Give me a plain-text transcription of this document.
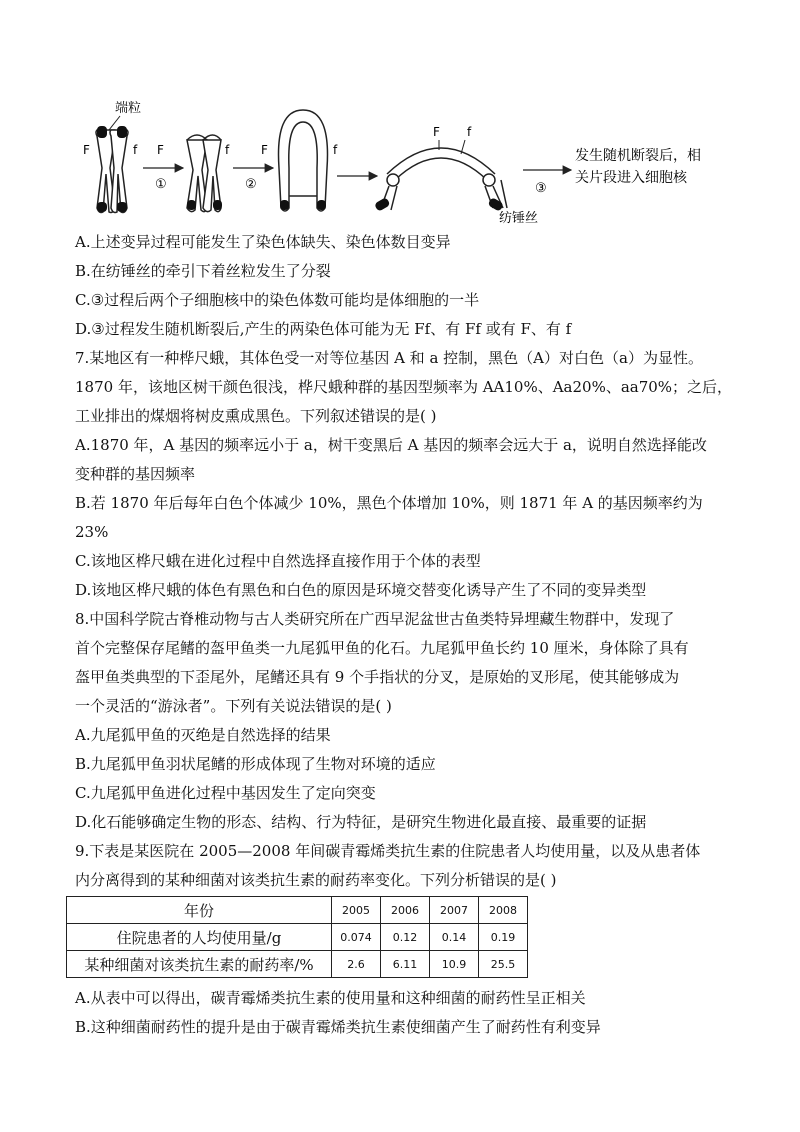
端粒
F	f
①
F	f
②
F	f
F f
纺锤丝
③
发生随机断裂后，相
关片段进入细胞核
A.上述变异过程可能发生了染色体缺失、染色体数目变异
B.在纺锤丝的牵引下着丝粒发生了分裂
C.③过程后两个子细胞核中的染色体数可能均是体细胞的一半
D.③过程发生随机断裂后,产生的两染色体可能为无 Ff、有 Ff 或有 F、有 f
7.某地区有一种桦尺蛾，其体色受一对等位基因 A 和 a 控制，黑色（A）对白色（a）为显性。
1870 年，该地区树干颜色很浅，桦尺蛾种群的基因型频率为 AA10%、Aa20%、aa70%；之后，
工业排出的煤烟将树皮熏成黑色。下列叙述错误的是( )
A.1870 年，A 基因的频率远小于 a，树干变黑后 A 基因的频率会远大于 a，说明自然选择能改
变种群的基因频率
B.若 1870 年后每年白色个体减少 10%，黑色个体增加 10%，则 1871 年 A 的基因频率约为
23%
C.该地区桦尺蛾在进化过程中自然选择直接作用于个体的表型
D.该地区桦尺蛾的体色有黑色和白色的原因是环境交替变化诱导产生了不同的变异类型
8.中国科学院古脊椎动物与古人类研究所在广西早泥盆世古鱼类特异埋藏生物群中，发现了
首个完整保存尾鳍的盔甲鱼类一九尾狐甲鱼的化石。九尾狐甲鱼长约 10 厘米，身体除了具有
盔甲鱼类典型的下歪尾外，尾鳍还具有 9 个手指状的分叉，是原始的叉形尾，使其能够成为
一个灵活的“游泳者”。下列有关说法错误的是( )
A.九尾狐甲鱼的灭绝是自然选择的结果
B.九尾狐甲鱼羽状尾鳍的形成体现了生物对环境的适应
C.九尾狐甲鱼进化过程中基因发生了定向突变
D.化石能够确定生物的形态、结构、行为特征，是研究生物进化最直接、最重要的证据
9.下表是某医院在 2005—2008 年间碳青霉烯类抗生素的住院患者人均使用量，以及从患者体
内分离得到的某种细菌对该类抗生素的耐药率变化。下列分析错误的是( )
年份	2005	2006	2007	2008
住院患者的人均使用量/g	0.074	0.12	0.14	0.19
某种细菌对该类抗生素的耐药率/%	2.6	6.11	10.9	25.5
A.从表中可以得出，碳青霉烯类抗生素的使用量和这种细菌的耐药性呈正相关
B.这种细菌耐药性的提升是由于碳青霉烯类抗生素使细菌产生了耐药性有利变异
